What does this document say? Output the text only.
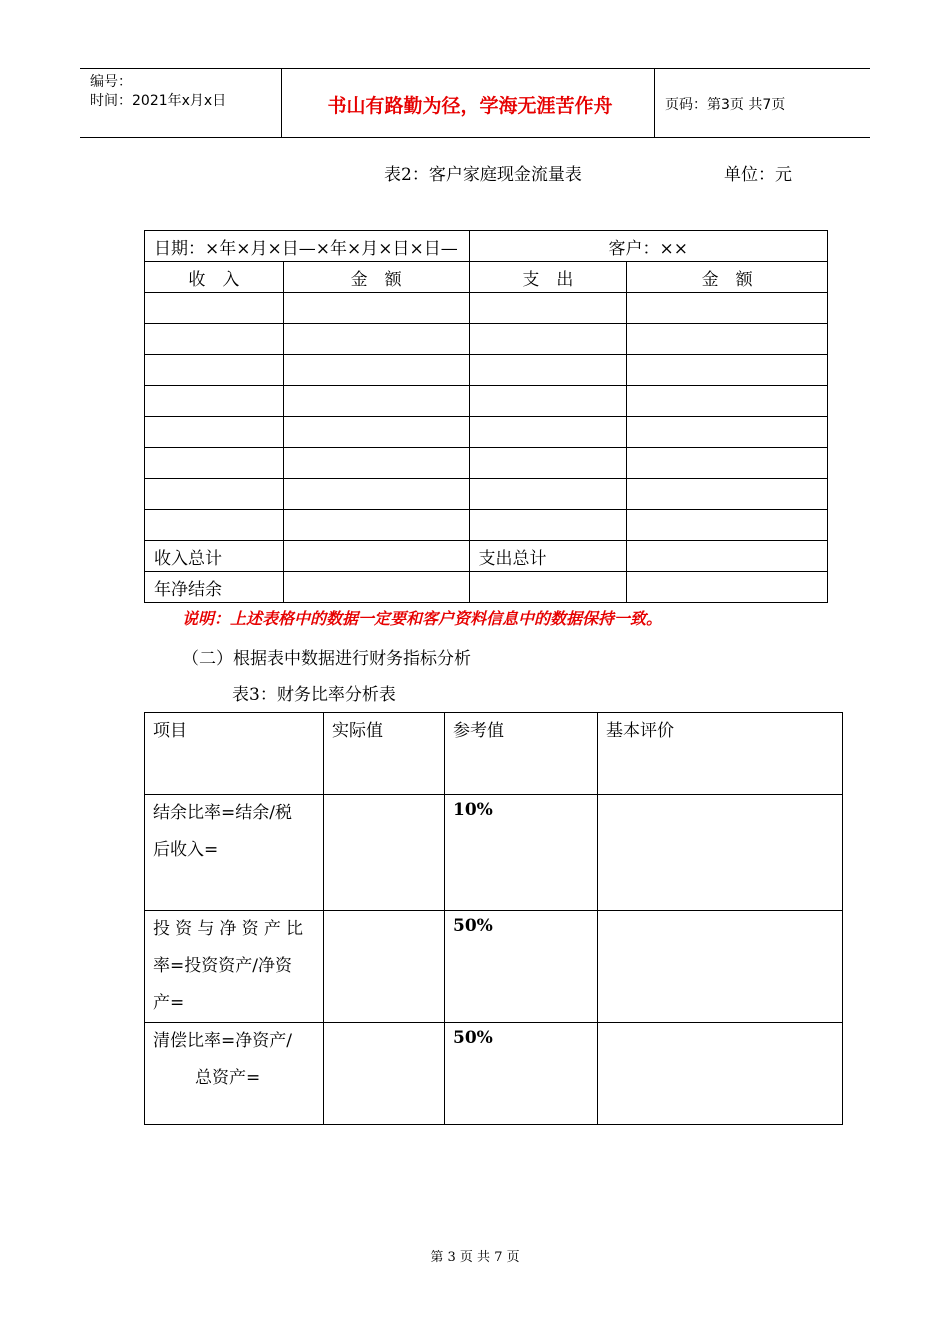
编号：
时间：2021年x月x日	书山有路勤为径，学海无涯苦作舟	页码：第3页 共7页
表2：客户家庭现金流量表	单位：元
日期：×年×月×日—×年×月×日×日—		客户：××	
收　入	金　额	支　出	金　额

收入总计		支出总计	
年净结余			
说明：上述表格中的数据一定要和客户资料信息中的数据保持一致。
（二）根据表中数据进行财务指标分析
表3：财务比率分析表
项目	实际值	参考值	基本评价

结余比率=结余/税
后收入=		10%	

投资与净资产比
率=投资资产/净资
产=		50%	

清偿比率=净资产/
总资产=		50%	
第 3 页 共 7 页
